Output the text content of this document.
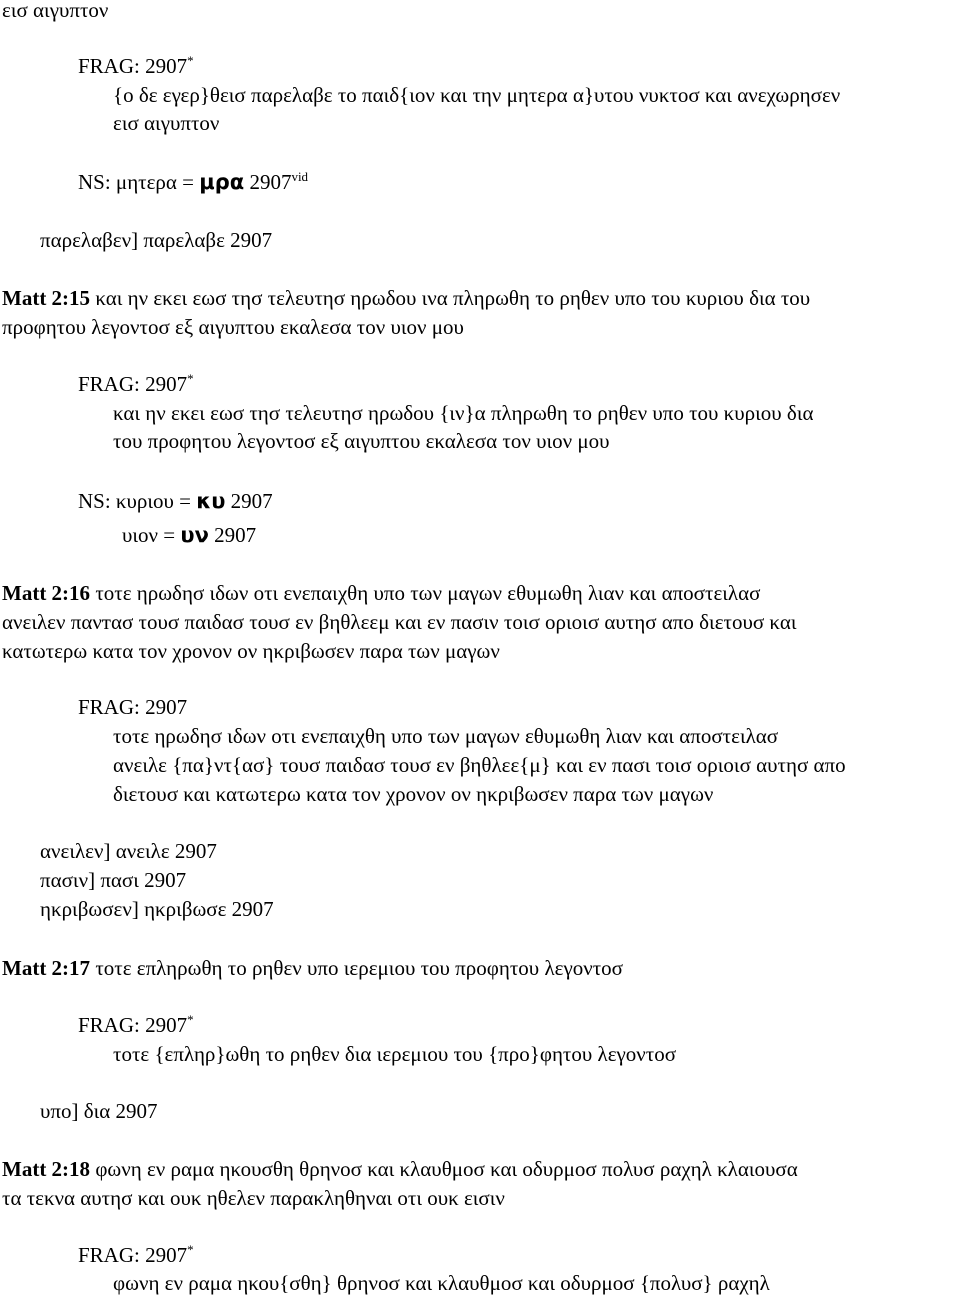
εισ αιγυπτον
FRAG: 2907*
{ο δε εγερ}θεισ παρελαβε το παιδ{ιον και την μητερα α}υτου νυκτοσ και ανεχωρησεν
εισ αιγυπτον
NS: μητερα = μρα $2907^{vid}$
παρελαβεν] παρελαβε 2907
Matt 2:15 και ην εκει εωσ τησ τελευτησ ηρωδου ινα πληρωθη το ρηθεν υπο του κυριου δια του
προφητου λεγοντοσ εξ αιγυπτου εκαλεσα τον υιον μου
FRAG: 2907*
και ην εκει εωσ τησ τελευτησ ηρωδου {ιν}α πληρωθη το ρηθεν υπο του κυριου δια
του προφητου λεγοντοσ εξ αιγυπτου εκαλεσα τον υιον μου
NS: κυριου = κυ 2907
υιον = υν 2907
Matt 2:16 τοτε ηρωδησ ιδων οτι ενεπαιχθη υπο των μαγων εθυμωθη λιαν και αποστειλασ
ανειλεν πανтασ τουσ παιδασ τουσ εν βηθλεεμ και εν πασιν τοισ οριοισ αυτησ απο διετουσ και
κατωτερω κατα τον χρονον ον ηκριβωσεν παρα των μαγων
FRAG: 2907
τοτε ηρωδησ ιδων οτι ενεπαιχθη υπο των μαγων εθυμωθη λιαν και αποστειλασ
ανειλε {πα}ντ{ασ} τουσ παιδασ τουσ εν βηθλεε{μ} και εν πασι τοισ οριοισ αυτησ απο
διετουσ και κατωτερω κατα τον χρονον ον ηκριβωσεν παρα των μαγων
ανειλεν] ανειλε 2907
πασιν] πασι 2907
ηκριβωσεν] ηκριβωσε 2907
Matt 2:17 τοτε επληρωθη το ρηθεν υπο ιερεμιου του προφητου λεγοντοσ
FRAG: 2907*
τοτε {επληρ}ωθη το ρηθεν δια ιερεμιου του {προ}φητου λεγοντοσ
υπο] δια 2907
Matt 2:18 φωνη εν ραμα ηκουσθη θρηνοσ και κλαυθμοσ και οδυρμοσ πολυσ ραχηλ κλαιουσα
τα τεκνα αυτησ και ουκ ηθελεν παρακληθηναι οτι ουκ εισιν
FRAG: 2907*
φωνη εν ραμα ηκου{σθη} θρηνοσ και κλαυθμοσ και οδυρμοσ {πολυσ} ραχηλ
